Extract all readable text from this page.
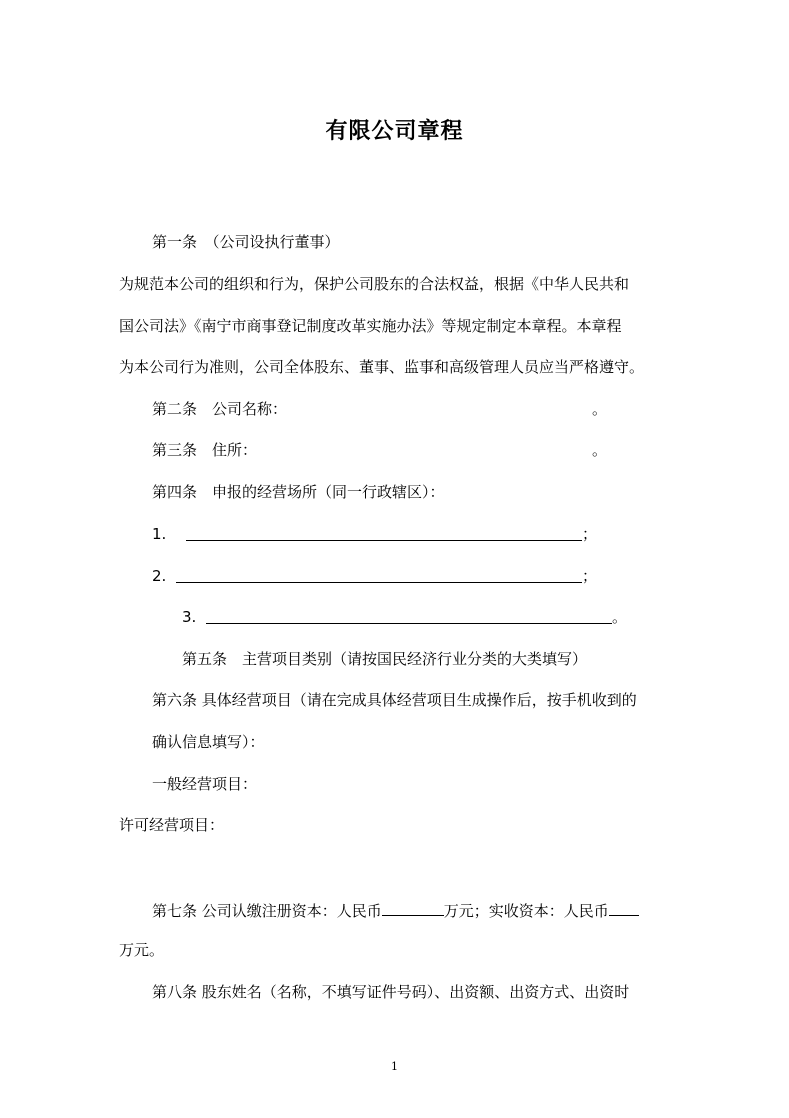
有限公司章程
第一条　（公司设执行董事）
为规范本公司的组织和行为，保护公司股东的合法权益，根据《中华人民共和
国公司法》《南宁市商事登记制度改革实施办法》等规定制定本章程。本章程
为本公司行为准则，公司全体股东、董事、监事和高级管理人员应当严格遵守。
第二条　公司名称：	。
第三条　住所：	。
第四条　申报的经营场所（同一行政辖区）：
1.	；
2.	；
3.	。
第五条　主营项目类别（请按国民经济行业分类的大类填写）
第六条 具体经营项目（请在完成具体经营项目生成操作后，按手机收到的
确认信息填写）：
一般经营项目：
许可经营项目：
第七条 公司认缴注册资本：人民币	万元；实收资本：人民币
万元。
第八条 股东姓名（名称，不填写证件号码）、出资额、出资方式、出资时
1
